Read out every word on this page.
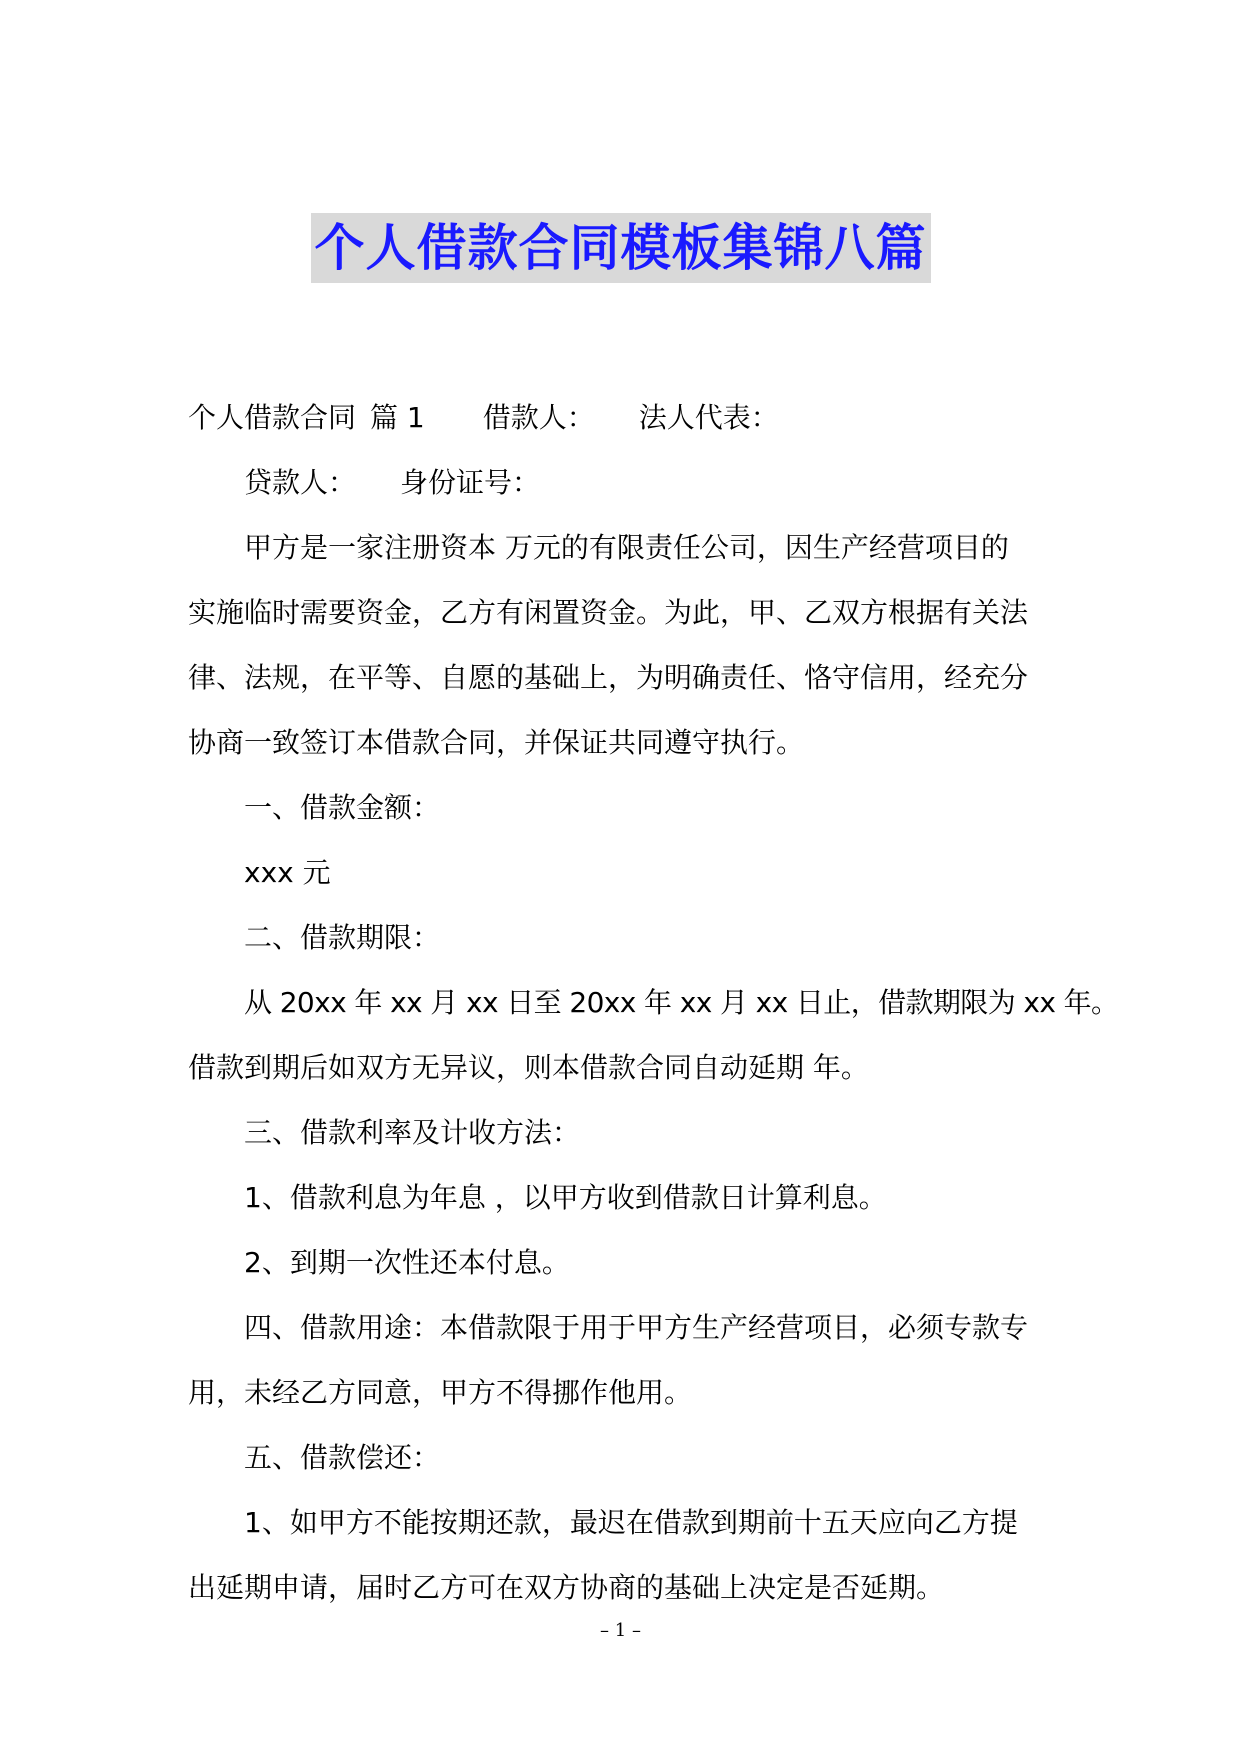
个人借款合同模板集锦八篇

个人借款合同 篇 1 借款人： 法人代表：

贷款人： 身份证号：

甲方是一家注册资本 万元的有限责任公司，因生产经营项目的

实施临时需要资金，乙方有闲置资金。为此，甲、乙双方根据有关法

律、法规，在平等、自愿的基础上，为明确责任、恪守信用，经充分

协商一致签订本借款合同，并保证共同遵守执行。

一、借款金额：

xxx 元

二、借款期限：

从 20xx 年 xx 月 xx 日至 20xx 年 xx 月 xx 日止，借款期限为 xx 年。

借款到期后如双方无异议，则本借款合同自动延期 年。

三、借款利率及计收方法：

1、借款利息为年息 ，以甲方收到借款日计算利息。

2、到期一次性还本付息。

四、借款用途：本借款限于用于甲方生产经营项目，必须专款专

用，未经乙方同意，甲方不得挪作他用。

五、借款偿还：

1、如甲方不能按期还款，最迟在借款到期前十五天应向乙方提

出延期申请，届时乙方可在双方协商的基础上决定是否延期。

– 1 –
